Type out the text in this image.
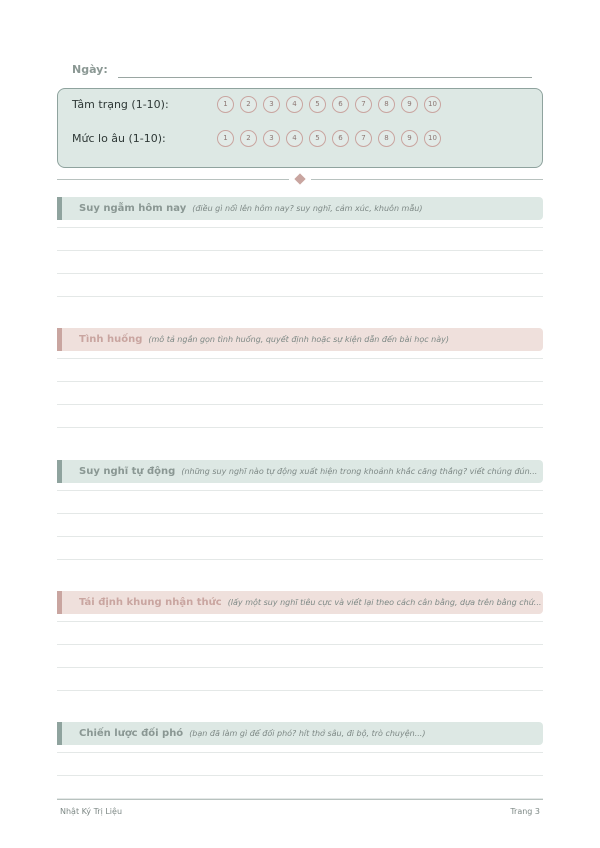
Ngày:
Tâm trạng (1-10):	1	2	3	4	5	6	7	8	9	10
Mức lo âu (1-10):	1	2	3	4	5	6	7	8	9	10
Suy ngẫm hôm nay (điều gì nổi lên hôm nay? suy nghĩ, cảm xúc, khuôn mẫu)
Tình huống (mô tả ngắn gọn tình huống, quyết định hoặc sự kiện dẫn đến bài học này)
Suy nghĩ tự động (những suy nghĩ nào tự động xuất hiện trong khoảnh khắc căng thẳng? viết chúng đún...
Tái định khung nhận thức (lấy một suy nghĩ tiêu cực và viết lại theo cách cân bằng, dựa trên bằng chứ...
Chiến lược đối phó (bạn đã làm gì để đối phó? hít thở sâu, đi bộ, trò chuyện...)
Nhật Ký Trị Liệu	Trang 3
